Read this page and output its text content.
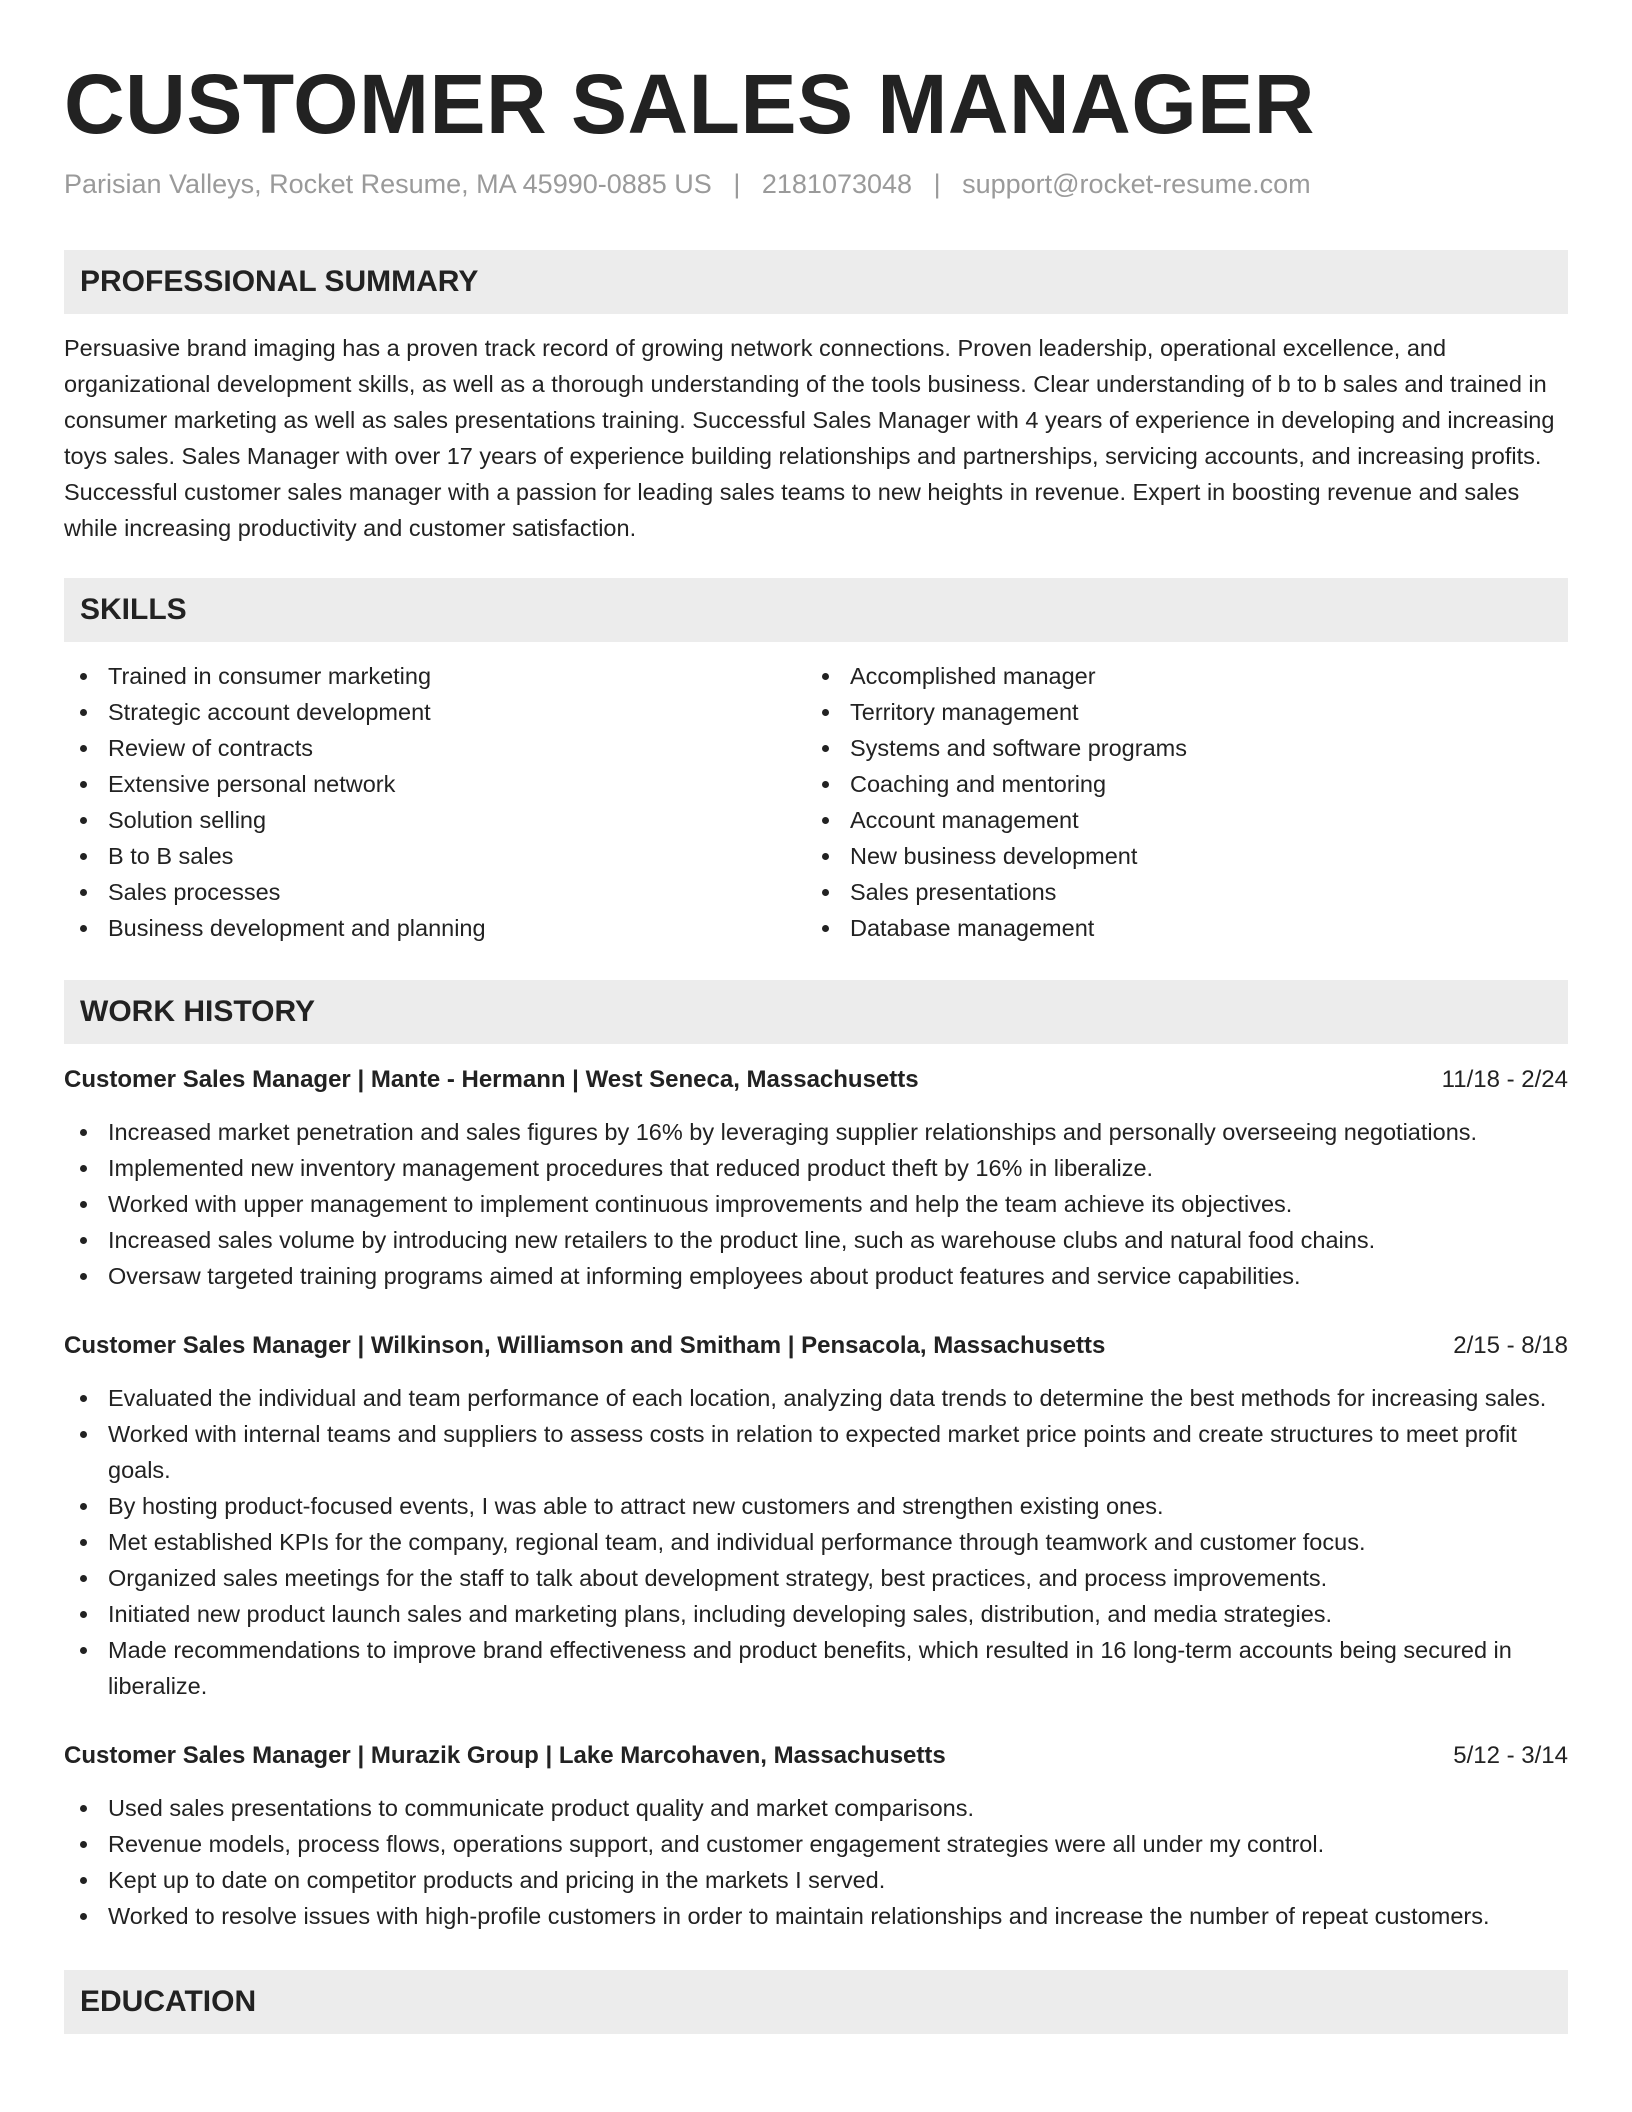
CUSTOMER SALES MANAGER
Parisian Valleys, Rocket Resume, MA 45990-0885 US | 2181073048 | support@rocket-resume.com
PROFESSIONAL SUMMARY

Persuasive brand imaging has a proven track record of growing network connections. Proven leadership, operational excellence, and organizational development skills, as well as a thorough understanding of the tools business. Clear understanding of b to b sales and trained in consumer marketing as well as sales presentations training. Successful Sales Manager with 4 years of experience in developing and increasing toys sales. Sales Manager with over 17 years of experience building relationships and partnerships, servicing accounts, and increasing profits. Successful customer sales manager with a passion for leading sales teams to new heights in revenue. Expert in boosting revenue and sales while increasing productivity and customer satisfaction.

SKILLS
Trained in consumer marketing
Strategic account development
Review of contracts
Extensive personal network
Solution selling
B to B sales
Sales processes
Business development and planning
Accomplished manager
Territory management
Systems and software programs
Coaching and mentoring
Account management
New business development
Sales presentations
Database management
WORK HISTORY
Customer Sales Manager | Mante - Hermann | West Seneca, Massachusetts	11/18 - 2/24
Increased market penetration and sales figures by 16% by leveraging supplier relationships and personally overseeing negotiations.
Implemented new inventory management procedures that reduced product theft by 16% in liberalize.
Worked with upper management to implement continuous improvements and help the team achieve its objectives.
Increased sales volume by introducing new retailers to the product line, such as warehouse clubs and natural food chains.
Oversaw targeted training programs aimed at informing employees about product features and service capabilities.
Customer Sales Manager | Wilkinson, Williamson and Smitham | Pensacola, Massachusetts	2/15 - 8/18
Evaluated the individual and team performance of each location, analyzing data trends to determine the best methods for increasing sales.
Worked with internal teams and suppliers to assess costs in relation to expected market price points and create structures to meet profit goals.
By hosting product-focused events, I was able to attract new customers and strengthen existing ones.
Met established KPIs for the company, regional team, and individual performance through teamwork and customer focus.
Organized sales meetings for the staff to talk about development strategy, best practices, and process improvements.
Initiated new product launch sales and marketing plans, including developing sales, distribution, and media strategies.
Made recommendations to improve brand effectiveness and product benefits, which resulted in 16 long-term accounts being secured in liberalize.
Customer Sales Manager | Murazik Group | Lake Marcohaven, Massachusetts	5/12 - 3/14
Used sales presentations to communicate product quality and market comparisons.
Revenue models, process flows, operations support, and customer engagement strategies were all under my control.
Kept up to date on competitor products and pricing in the markets I served.
Worked to resolve issues with high-profile customers in order to maintain relationships and increase the number of repeat customers.
EDUCATION
